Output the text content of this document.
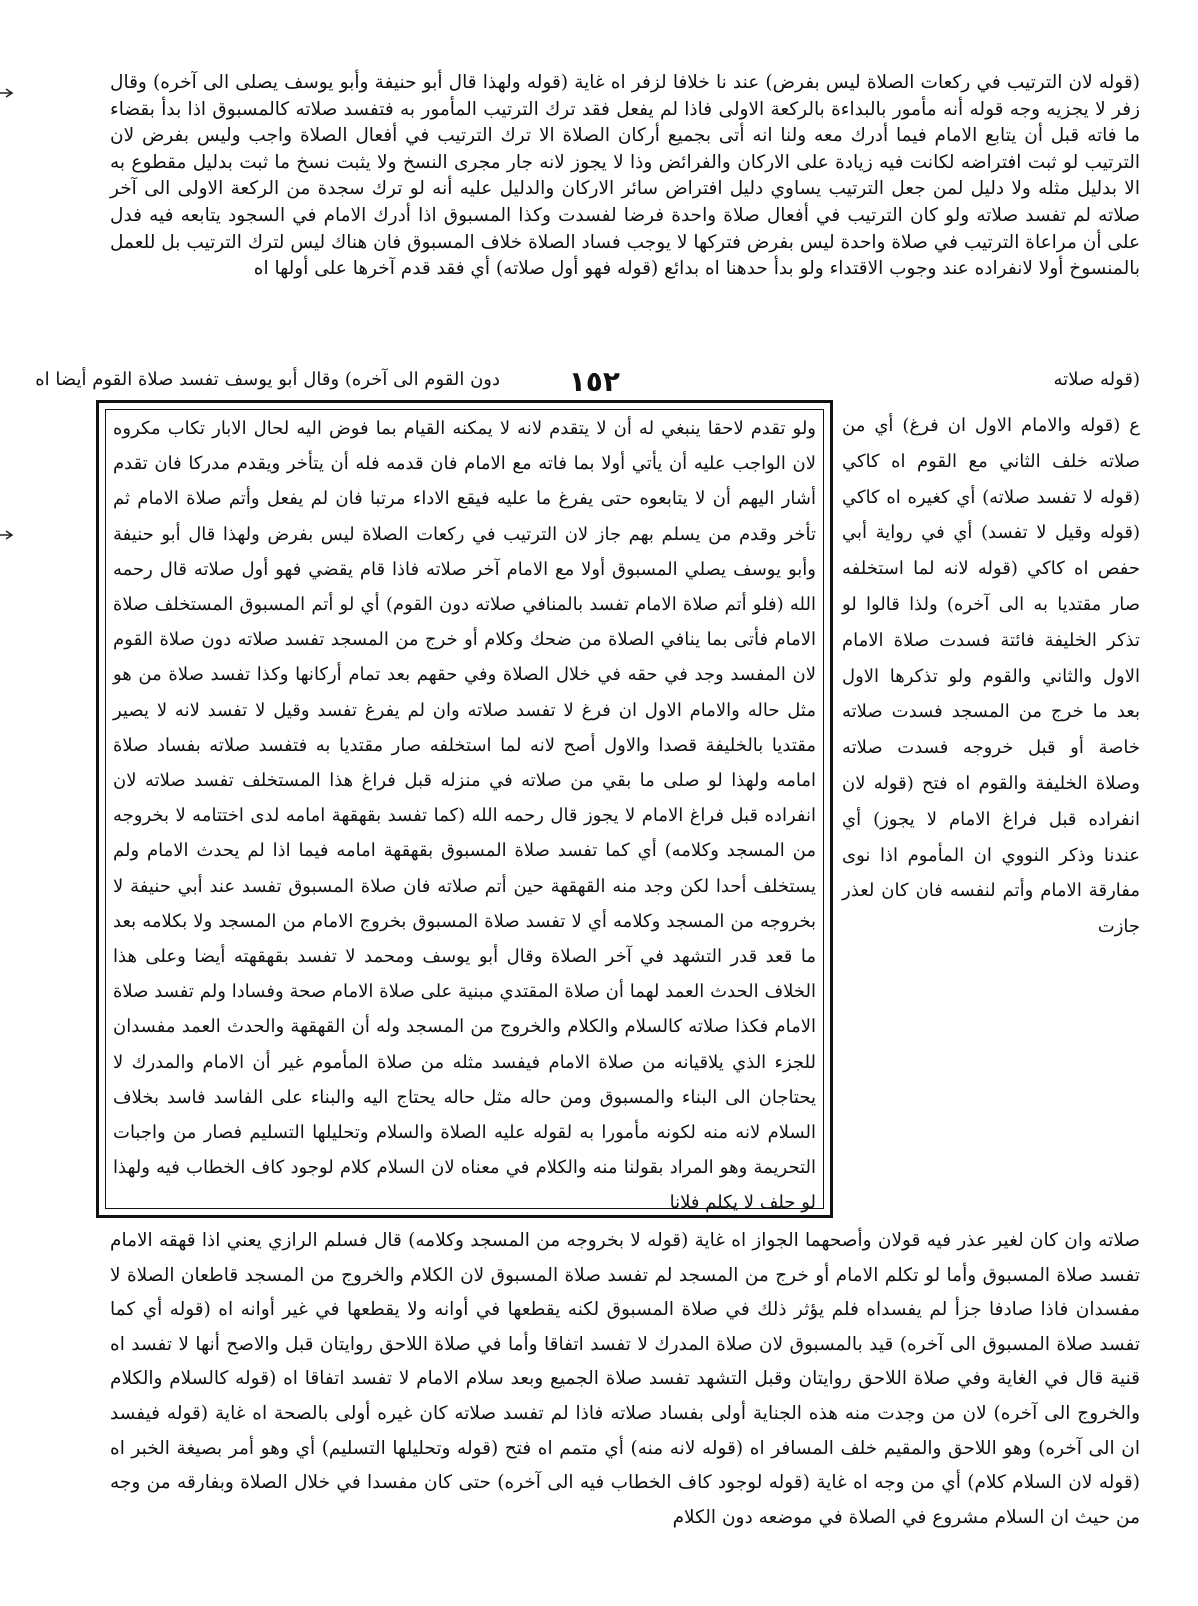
(قوله لان الترتيب في ركعات الصلاة ليس بفرض) عند نا خلافا لزفر اه غاية (قوله ولهذا قال أبو حنيفة وأبو يوسف يصلى الى آخره) وقال زفر لا يجزيه وجه قوله أنه مأمور بالبداءة بالركعة الاولى فاذا لم يفعل فقد ترك الترتيب المأمور به فتفسد صلاته كالمسبوق اذا بدأ بقضاء ما فاته قبل أن يتابع الامام فيما أدرك معه ولنا انه أتى بجميع أركان الصلاة الا ترك الترتيب في أفعال الصلاة واجب وليس بفرض لان الترتيب لو ثبت افتراضه لكانت فيه زيادة على الاركان والفرائض وذا لا يجوز لانه جار مجرى النسخ ولا يثبت نسخ ما ثبت بدليل مقطوع به الا بدليل مثله ولا دليل لمن جعل الترتيب يساوي دليل افتراض سائر الاركان والدليل عليه أنه لو ترك سجدة من الركعة الاولى الى آخر صلاته لم تفسد صلاته ولو كان الترتيب في أفعال صلاة واحدة فرضا لفسدت وكذا المسبوق اذا أدرك الامام في السجود يتابعه فيه فدل على أن مراعاة الترتيب في صلاة واحدة ليس بفرض فتركها لا يوجب فساد الصلاة خلاف المسبوق فان هناك ليس لترك الترتيب بل للعمل بالمنسوخ أولا لانفراده عند وجوب الاقتداء ولو بدأ حدهنا اه بدائع (قوله فهو أول صلاته) أي فقد قدم آخرها على أولها اه

(قوله صلاته
١٥٢
دون القوم الى آخره) وقال أبو يوسف تفسد صلاة القوم أيضا اه

ولو تقدم لاحقا ينبغي له أن لا يتقدم لانه لا يمكنه القيام بما فوض اليه لحال الابار تكاب مكروه لان الواجب عليه أن يأتي أولا بما فاته مع الامام فان قدمه فله أن يتأخر ويقدم مدركا فان تقدم أشار اليهم أن لا يتابعوه حتى يفرغ ما عليه فيقع الاداء مرتبا فان لم يفعل وأتم صلاة الامام ثم تأخر وقدم من يسلم بهم جاز لان الترتيب في ركعات الصلاة ليس بفرض ولهذا قال أبو حنيفة وأبو يوسف يصلي المسبوق أولا مع الامام آخر صلاته فاذا قام يقضي فهو أول صلاته قال رحمه الله (فلو أتم صلاة الامام تفسد بالمنافي صلاته دون القوم) أي لو أتم المسبوق المستخلف صلاة الامام فأتى بما ينافي الصلاة من ضحك وكلام أو خرج من المسجد تفسد صلاته دون صلاة القوم لان المفسد وجد في حقه في خلال الصلاة وفي حقهم بعد تمام أركانها وكذا تفسد صلاة من هو مثل حاله والامام الاول ان فرغ لا تفسد صلاته وان لم يفرغ تفسد وقيل لا تفسد لانه لا يصير مقتديا بالخليفة قصدا والاول أصح لانه لما استخلفه صار مقتديا به فتفسد صلاته بفساد صلاة امامه ولهذا لو صلى ما بقي من صلاته في منزله قبل فراغ هذا المستخلف تفسد صلاته لان انفراده قبل فراغ الامام لا يجوز قال رحمه الله (كما تفسد بقهقهة امامه لدى اختتامه لا بخروجه من المسجد وكلامه) أي كما تفسد صلاة المسبوق بقهقهة امامه فيما اذا لم يحدث الامام ولم يستخلف أحدا لكن وجد منه القهقهة حين أتم صلاته فان صلاة المسبوق تفسد عند أبي حنيفة لا بخروجه من المسجد وكلامه أي لا تفسد صلاة المسبوق بخروج الامام من المسجد ولا بكلامه بعد ما قعد قدر التشهد في آخر الصلاة وقال أبو يوسف ومحمد لا تفسد بقهقهته أيضا وعلى هذا الخلاف الحدث العمد لهما أن صلاة المقتدي مبنية على صلاة الامام صحة وفسادا ولم تفسد صلاة الامام فكذا صلاته كالسلام والكلام والخروج من المسجد وله أن القهقهة والحدث العمد مفسدان للجزء الذي يلاقيانه من صلاة الامام فيفسد مثله من صلاة المأموم غير أن الامام والمدرك لا يحتاجان الى البناء والمسبوق ومن حاله مثل حاله يحتاج اليه والبناء على الفاسد فاسد بخلاف السلام لانه منه لكونه مأمورا به لقوله عليه الصلاة والسلام وتحليلها التسليم فصار من واجبات التحريمة وهو المراد بقولنا منه والكلام في معناه لان السلام كلام لوجود كاف الخطاب فيه ولهذا لو حلف لا يكلم فلانا

ع (قوله والامام الاول ان فرغ) أي من صلاته خلف الثاني مع القوم اه كاكي (قوله لا تفسد صلاته) أي كغيره اه كاكي (قوله وقيل لا تفسد) أي في رواية أبي حفص اه كاكي (قوله لانه لما استخلفه صار مقتديا به الى آخره) ولذا قالوا لو تذكر الخليفة فائتة فسدت صلاة الامام الاول والثاني والقوم ولو تذكرها الاول بعد ما خرج من المسجد فسدت صلاته خاصة أو قبل خروجه فسدت صلاته وصلاة الخليفة والقوم اه فتح (قوله لان انفراده قبل فراغ الامام لا يجوز) أي عندنا وذكر النووي ان المأموم اذا نوى مفارقة الامام وأتم لنفسه فان كان لعذر جازت

صلاته وان كان لغير عذر فيه قولان وأصحهما الجواز اه غاية (قوله لا بخروجه من المسجد وكلامه) قال فسلم الرازي يعني اذا قهقه الامام تفسد صلاة المسبوق وأما لو تكلم الامام أو خرج من المسجد لم تفسد صلاة المسبوق لان الكلام والخروج من المسجد قاطعان الصلاة لا مفسدان فاذا صادفا جزأ لم يفسداه فلم يؤثر ذلك في صلاة المسبوق لكنه يقطعها في أوانه ولا يقطعها في غير أوانه اه (قوله أي كما تفسد صلاة المسبوق الى آخره) قيد بالمسبوق لان صلاة المدرك لا تفسد اتفاقا وأما في صلاة اللاحق روايتان قبل والاصح أنها لا تفسد اه قنية قال في الغاية وفي صلاة اللاحق روايتان وقبل التشهد تفسد صلاة الجميع وبعد سلام الامام لا تفسد اتفاقا اه (قوله كالسلام والكلام والخروج الى آخره) لان من وجدت منه هذه الجناية أولى بفساد صلاته فاذا لم تفسد صلاته كان غيره أولى بالصحة اه غاية (قوله فيفسد ان الى آخره) وهو اللاحق والمقيم خلف المسافر اه (قوله لانه منه) أي متمم اه فتح (قوله وتحليلها التسليم) أي وهو أمر بصيغة الخبر اه (قوله لان السلام كلام) أي من وجه اه غاية (قوله لوجود كاف الخطاب فيه الى آخره) حتى كان مفسدا في خلال الصلاة وبفارقه من وجه من حيث ان السلام مشروع في الصلاة في موضعه دون الكلام
